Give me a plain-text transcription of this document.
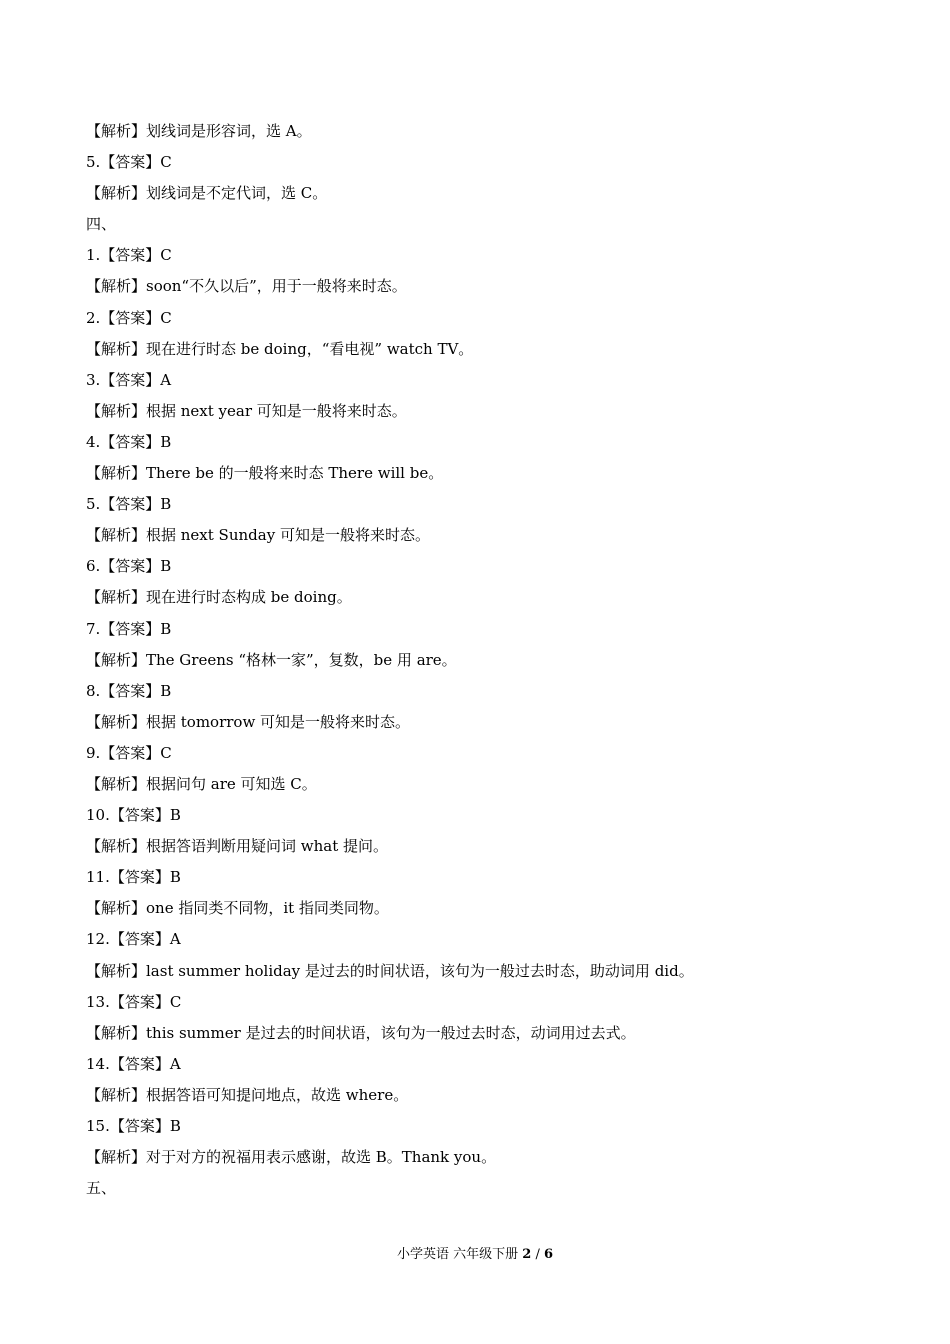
【解析】划线词是形容词，选 A。
5.【答案】C
【解析】划线词是不定代词，选 C。
四、
1.【答案】C
【解析】soon“不久以后”，用于一般将来时态。
2.【答案】C
【解析】现在进行时态 be doing，“看电视” watch TV。
3.【答案】A
【解析】根据 next year 可知是一般将来时态。
4.【答案】B
【解析】There be 的一般将来时态 There will be。
5.【答案】B
【解析】根据 next Sunday 可知是一般将来时态。
6.【答案】B
【解析】现在进行时态构成 be doing。
7.【答案】B
【解析】The Greens “格林一家”，复数，be 用 are。
8.【答案】B
【解析】根据 tomorrow 可知是一般将来时态。
9.【答案】C
【解析】根据问句 are 可知选 C。
10.【答案】B
【解析】根据答语判断用疑问词 what 提问。
11.【答案】B
【解析】one 指同类不同物，it 指同类同物。
12.【答案】A
【解析】last summer holiday 是过去的时间状语，该句为一般过去时态，助动词用 did。
13.【答案】C
【解析】this summer 是过去的时间状语，该句为一般过去时态，动词用过去式。
14.【答案】A
【解析】根据答语可知提问地点，故选 where。
15.【答案】B
【解析】对于对方的祝福用表示感谢，故选 B。Thank you。
五、
小学英语 六年级下册 2 / 6
